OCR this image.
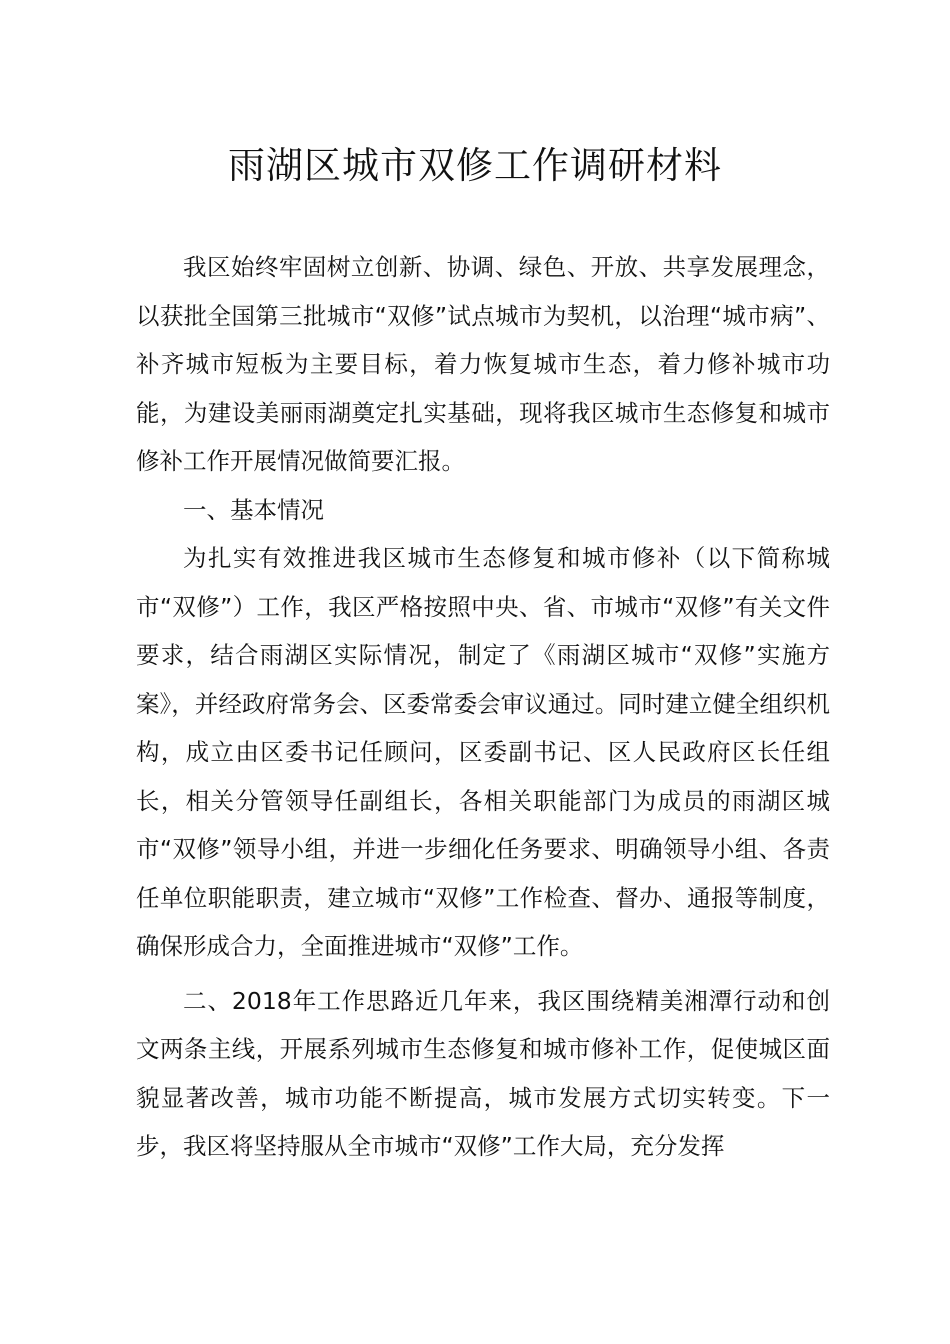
雨湖区城市双修工作调研材料

我区始终牢固树立创新、协调、绿色、开放、共享发展理念，以获批全国第三批城市“双修”试点城市为契机，以治理“城市病”、补齐城市短板为主要目标，着力恢复城市生态，着力修补城市功能，为建设美丽雨湖奠定扎实基础，现将我区城市生态修复和城市修补工作开展情况做简要汇报。

一、基本情况

为扎实有效推进我区城市生态修复和城市修补（以下简称城市“双修”）工作，我区严格按照中央、省、市城市“双修”有关文件要求，结合雨湖区实际情况，制定了《雨湖区城市“双修”实施方案》，并经政府常务会、区委常委会审议通过。同时建立健全组织机构，成立由区委书记任顾问，区委副书记、区人民政府区长任组长，相关分管领导任副组长，各相关职能部门为成员的雨湖区城市“双修”领导小组，并进一步细化任务要求、明确领导小组、各责任单位职能职责，建立城市“双修”工作检查、督办、通报等制度，确保形成合力，全面推进城市“双修”工作。

二、2018年工作思路近几年来，我区围绕精美湘潭行动和创文两条主线，开展系列城市生态修复和城市修补工作，促使城区面貌显著改善，城市功能不断提高，城市发展方式切实转变。下一步，我区将坚持服从全市城市“双修”工作大局，充分发挥
